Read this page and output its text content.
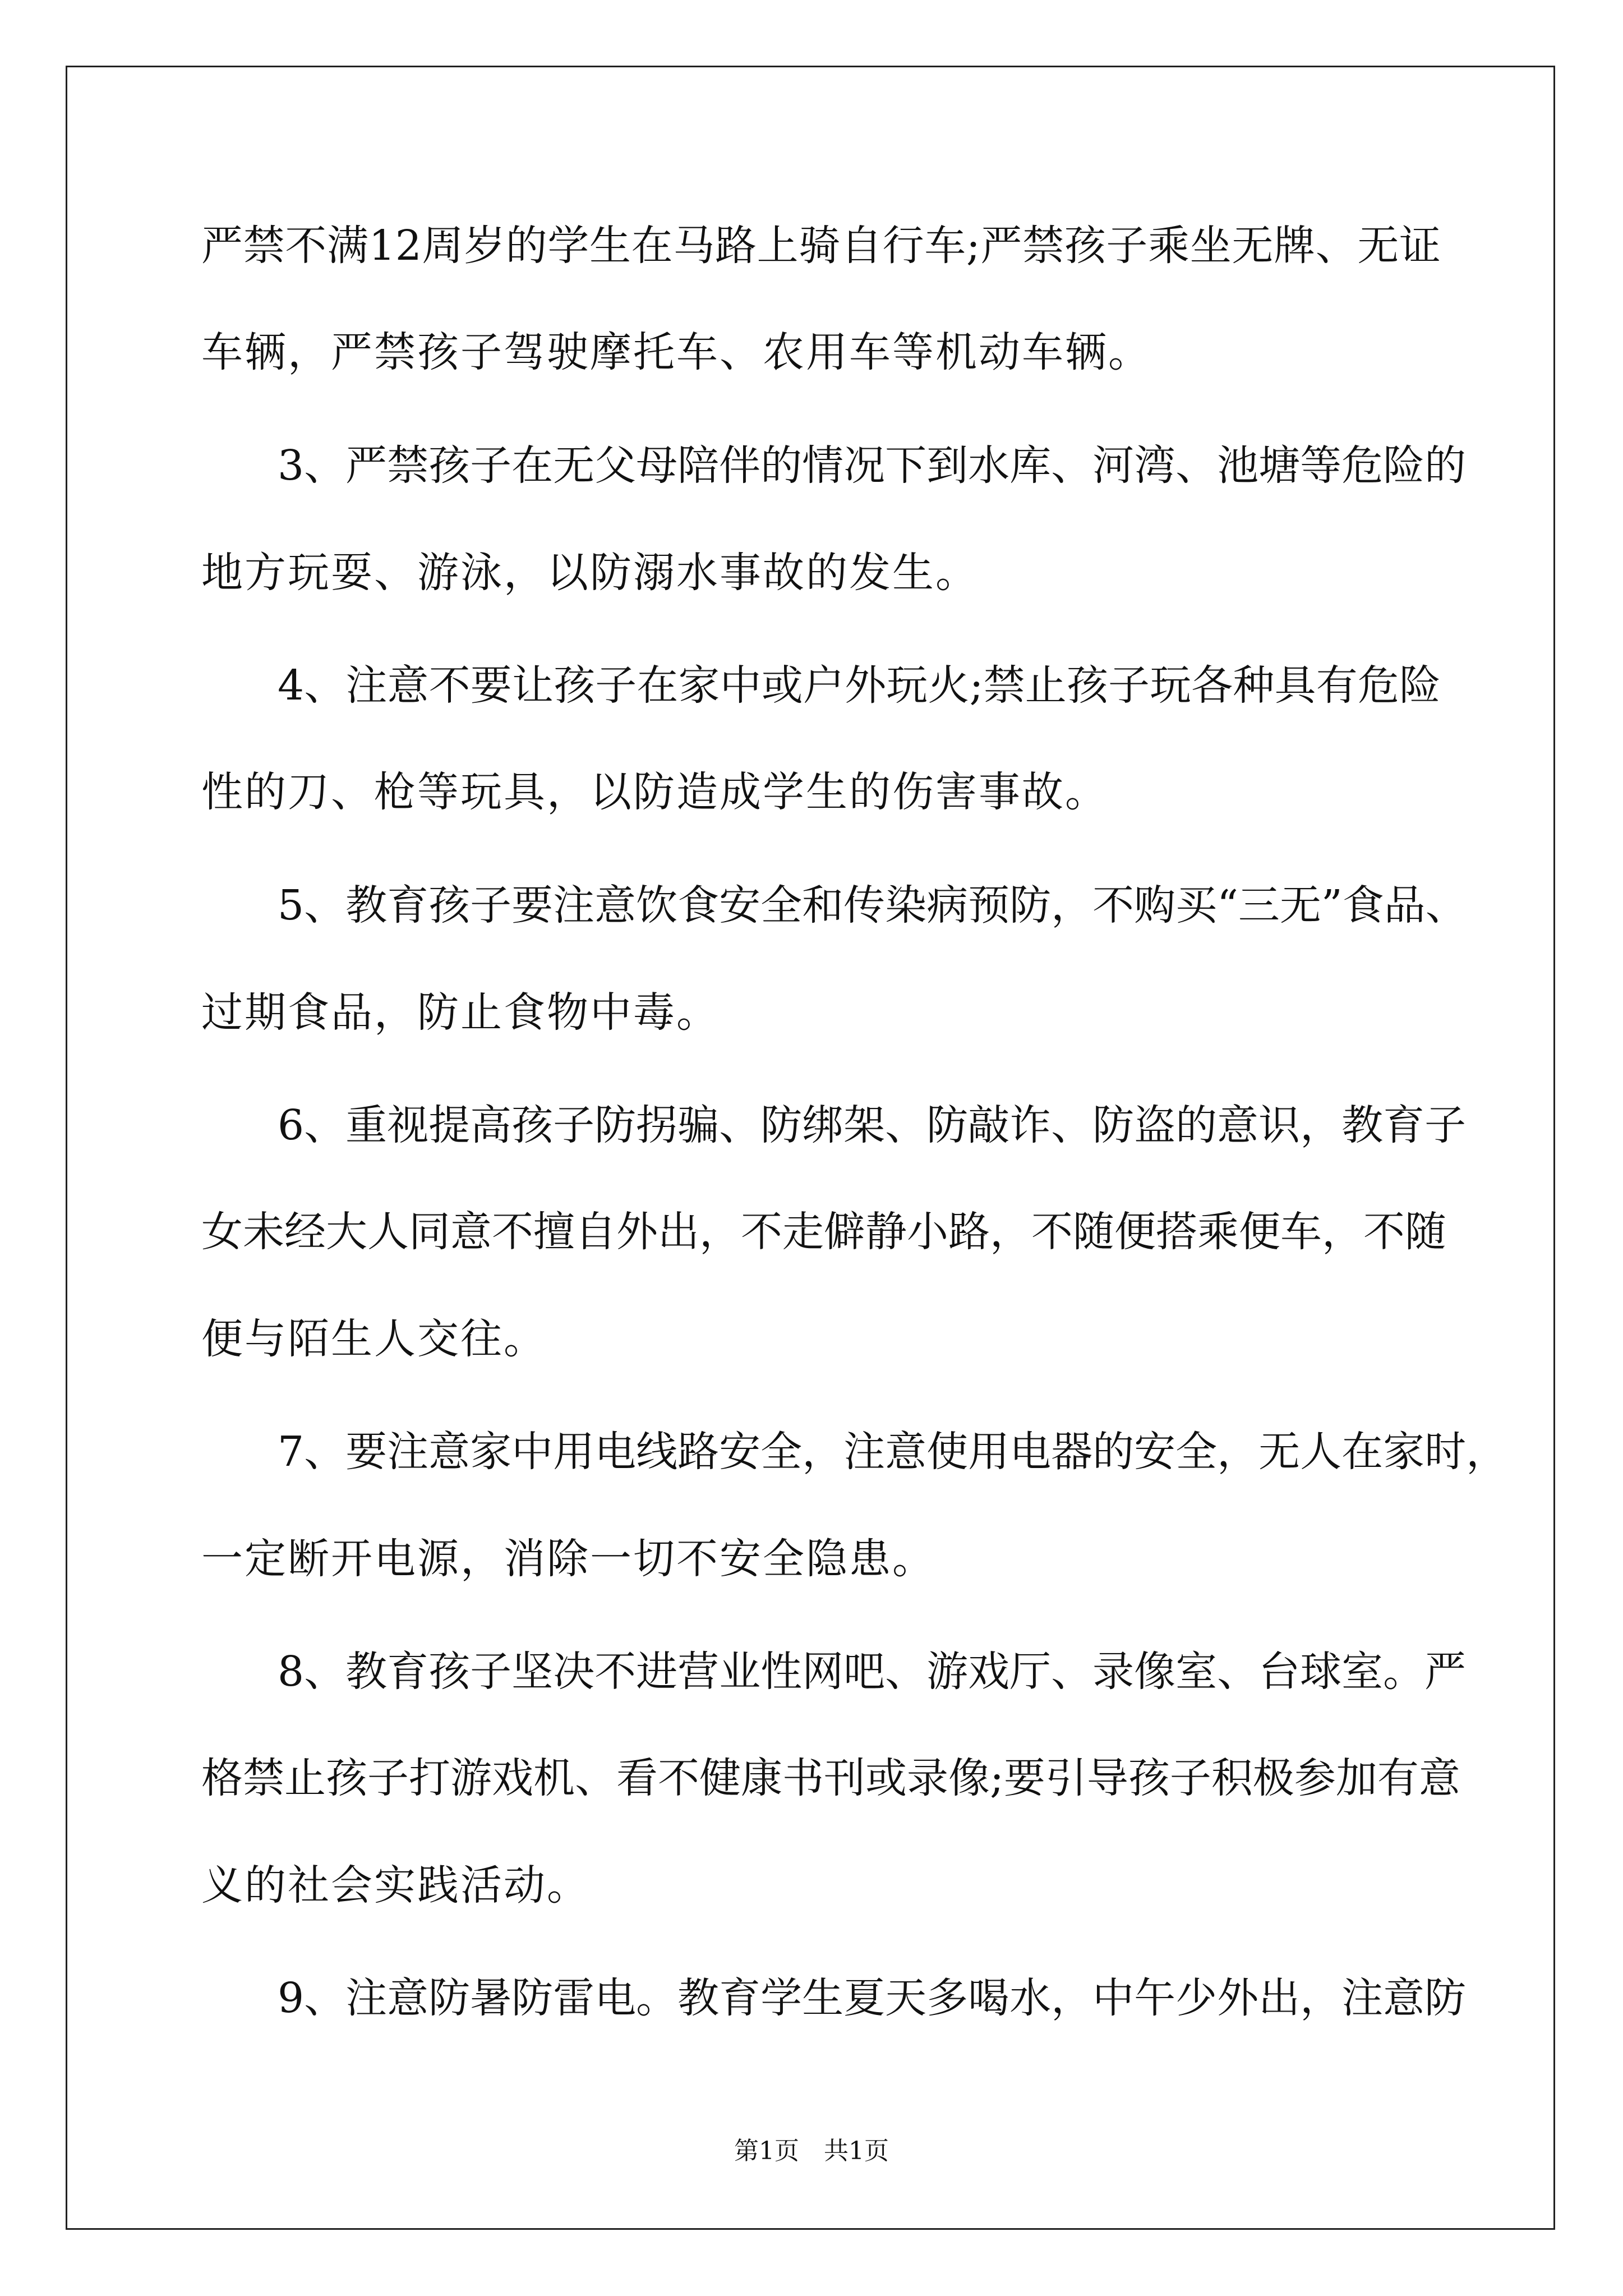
严禁不满12周岁的学生在马路上骑自行车;严禁孩子乘坐无牌、无证
车辆，严禁孩子驾驶摩托车、农用车等机动车辆。
3、严禁孩子在无父母陪伴的情况下到水库、河湾、池塘等危险的
地方玩耍、游泳，以防溺水事故的发生。
4、注意不要让孩子在家中或户外玩火;禁止孩子玩各种具有危险
性的刀、枪等玩具，以防造成学生的伤害事故。
5、教育孩子要注意饮食安全和传染病预防，不购买“三无”食品、
过期食品，防止食物中毒。
6、重视提高孩子防拐骗、防绑架、防敲诈、防盗的意识，教育子
女未经大人同意不擅自外出，不走僻静小路，不随便搭乘便车，不随
便与陌生人交往。
7、要注意家中用电线路安全，注意使用电器的安全，无人在家时，
一定断开电源，消除一切不安全隐患。
8、教育孩子坚决不进营业性网吧、游戏厅、录像室、台球室。严
格禁止孩子打游戏机、看不健康书刊或录像;要引导孩子积极参加有意
义的社会实践活动。
9、注意防暑防雷电。教育学生夏天多喝水，中午少外出，注意防
第1页　共1页
